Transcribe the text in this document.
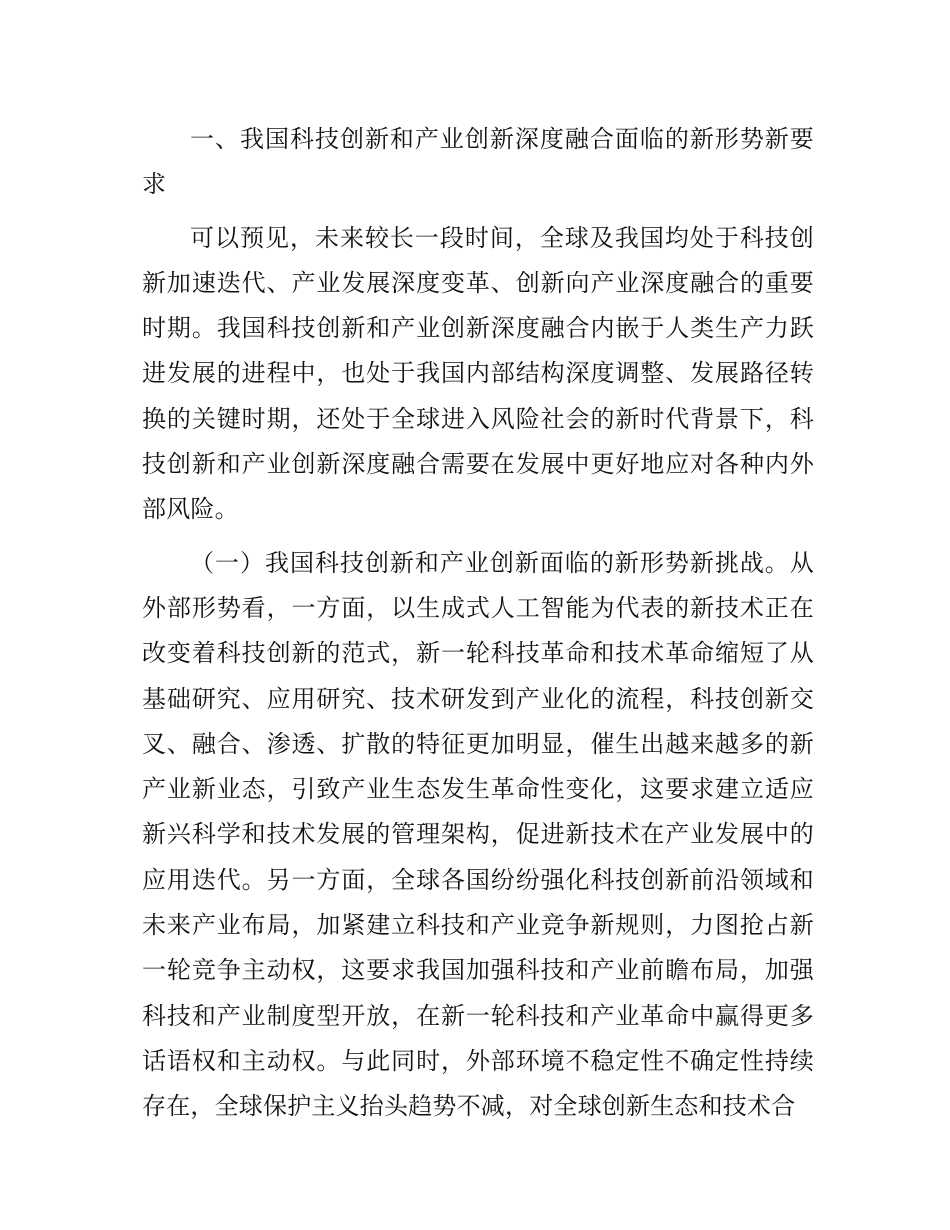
一、我国科技创新和产业创新深度融合面临的新形势新要求

可以预见，未来较长一段时间，全球及我国均处于科技创新加速迭代、产业发展深度变革、创新向产业深度融合的重要时期。我国科技创新和产业创新深度融合内嵌于人类生产力跃进发展的进程中，也处于我国内部结构深度调整、发展路径转换的关键时期，还处于全球进入风险社会的新时代背景下，科技创新和产业创新深度融合需要在发展中更好地应对各种内外部风险。

（一）我国科技创新和产业创新面临的新形势新挑战。从外部形势看，一方面，以生成式人工智能为代表的新技术正在改变着科技创新的范式，新一轮科技革命和技术革命缩短了从基础研究、应用研究、技术研发到产业化的流程，科技创新交叉、融合、渗透、扩散的特征更加明显，催生出越来越多的新产业新业态，引致产业生态发生革命性变化，这要求建立适应新兴科学和技术发展的管理架构，促进新技术在产业发展中的应用迭代。另一方面，全球各国纷纷强化科技创新前沿领域和未来产业布局，加紧建立科技和产业竞争新规则，力图抢占新一轮竞争主动权，这要求我国加强科技和产业前瞻布局，加强科技和产业制度型开放，在新一轮科技和产业革命中赢得更多话语权和主动权。与此同时，外部环境不稳定性不确定性持续存在，全球保护主义抬头趋势不减，对全球创新生态和技术合
